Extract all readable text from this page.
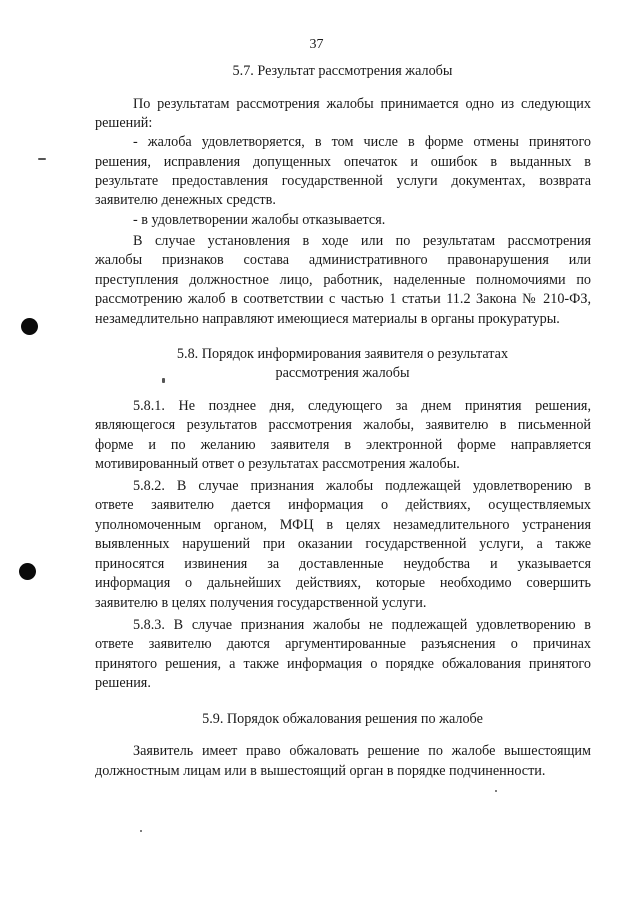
37
5.7. Результат рассмотрения жалобы
По результатам рассмотрения жалобы принимается одно из следующих
решений:
- жалоба удовлетворяется, в том числе в форме отмены принятого
решения, исправления допущенных опечаток и ошибок в выданных в
результате предоставления государственной услуги документах, возврата
заявителю денежных средств.
- в удовлетворении жалобы отказывается.
В случае установления в ходе или по результатам рассмотрения
жалобы признаков состава административного правонарушения или
преступления должностное лицо, работник, наделенные полномочиями по
рассмотрению жалоб в соответствии с частью 1 статьи 11.2 Закона № 210-ФЗ,
незамедлительно направляют имеющиеся материалы в органы прокуратуры.
5.8. Порядок информирования заявителя о результатах
рассмотрения жалобы
5.8.1. Не позднее дня, следующего за днем принятия решения,
являющегося результатов рассмотрения жалобы, заявителю в письменной
форме и по желанию заявителя в электронной форме направляется
мотивированный ответ о результатах рассмотрения жалобы.
5.8.2. В случае признания жалобы подлежащей удовлетворению в
ответе заявителю дается информация о действиях, осуществляемых
уполномоченным органом, МФЦ в целях незамедлительного устранения
выявленных нарушений при оказании государственной услуги, а также
приносятся извинения за доставленные неудобства и указывается
информация о дальнейших действиях, которые необходимо совершить
заявителю в целях получения государственной услуги.
5.8.3. В случае признания жалобы не подлежащей удовлетворению в
ответе заявителю даются аргументированные разъяснения о причинах
принятого решения, а также информация о порядке обжалования принятого
решения.
5.9. Порядок обжалования решения по жалобе
Заявитель имеет право обжаловать решение по жалобе вышестоящим
должностным лицам или в вышестоящий орган в порядке подчиненности.
